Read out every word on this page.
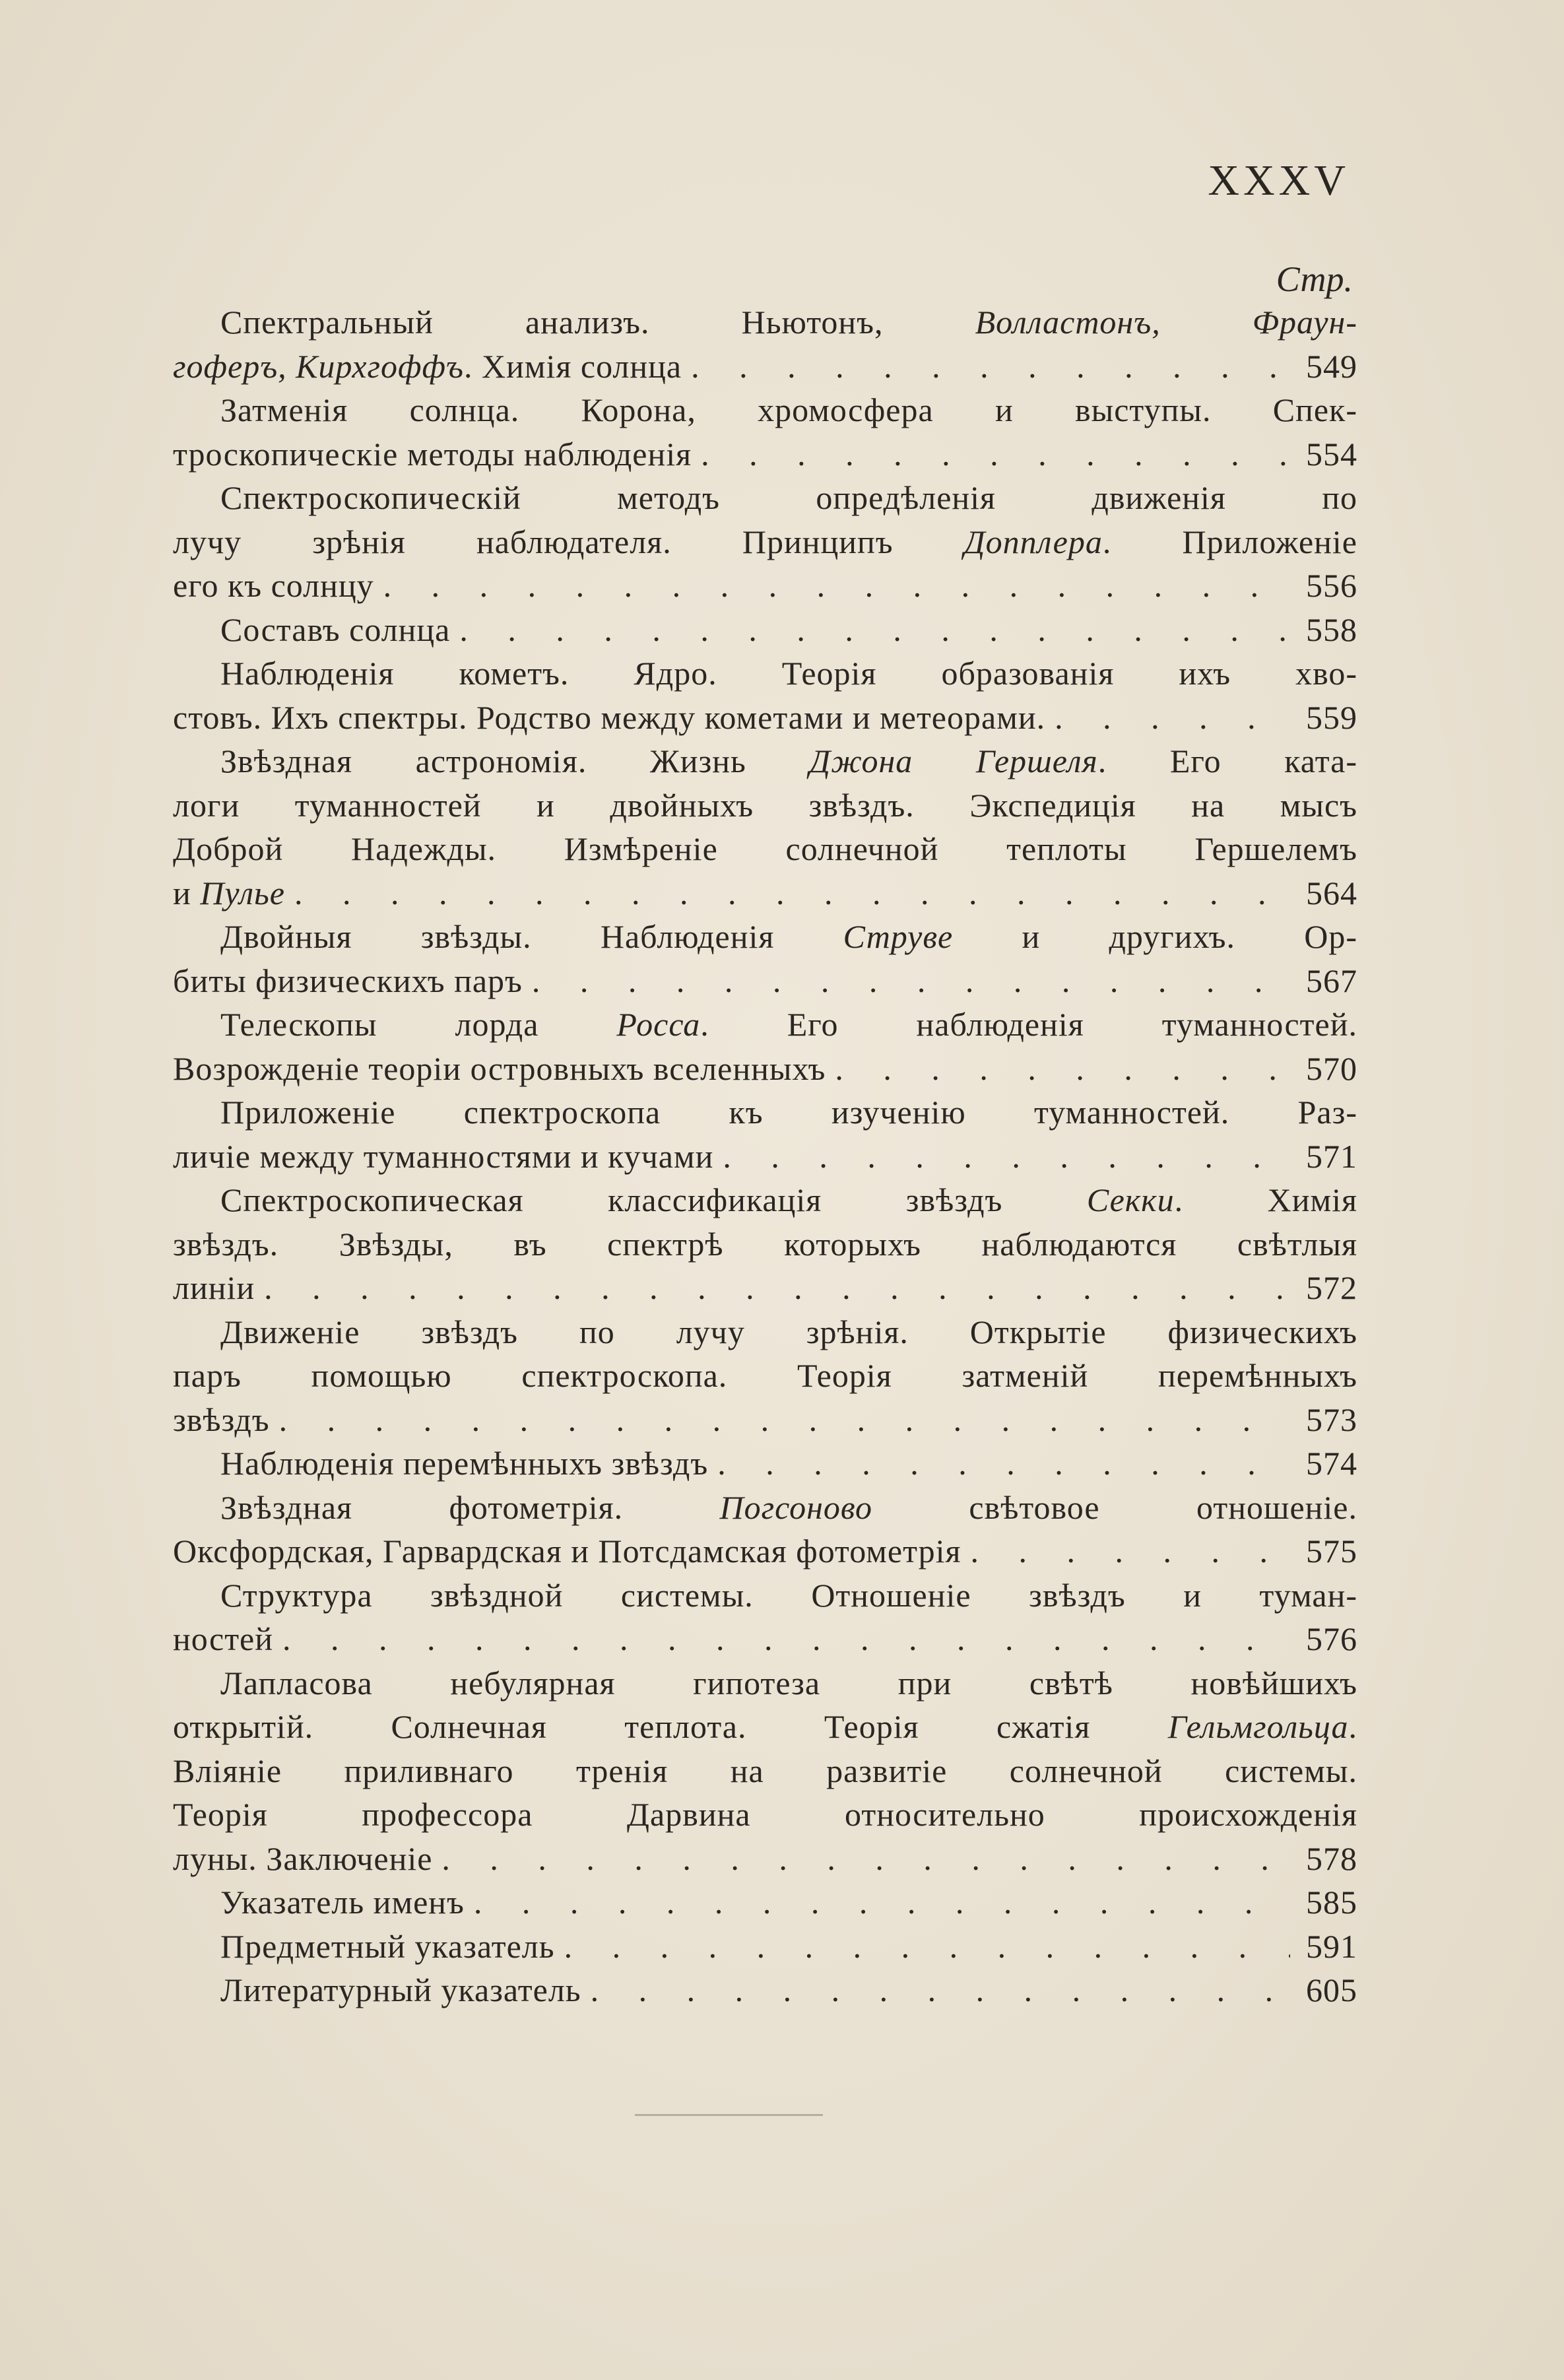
XXXV
Стр.
Спектральный анализъ. Ньютонъ, Волластонъ, Фраун-
гоферъ, Кирхгоффъ. Химія солнца . . .	549
Затменія солнца. Корона, хромосфера и выступы. Спек-
троскопическіе методы наблюденія . . .	554
Спектроскопическій методъ опредѣленія движенія по
лучу зрѣнія наблюдателя. Принципъ Допплера. Приложеніе
его къ солнцу . . .	556
Составъ солнца . . .	558
Наблюденія кометъ. Ядро. Теорія образованія ихъ хво-
стовъ. Ихъ спектры. Родство между кометами и метеорами. . . .	559
Звѣздная астрономія. Жизнь Джона Гершеля. Его ката-
логи туманностей и двойныхъ звѣздъ. Экспедиція на мысъ
Доброй Надежды. Измѣреніе солнечной теплоты Гершелемъ
и Пулье . . .	564
Двойныя звѣзды. Наблюденія Струве и другихъ. Ор-
биты физическихъ паръ . . .	567
Телескопы лорда Росса. Его наблюденія туманностей.
Возрожденіе теоріи островныхъ вселенныхъ . . .	570
Приложеніе спектроскопа къ изученію туманностей. Раз-
личіе между туманностями и кучами . . .	571
Спектроскопическая классификація звѣздъ Секки. Химія
звѣздъ. Звѣзды, въ спектрѣ которыхъ наблюдаются свѣтлыя
линіи . . .	572
Движеніе звѣздъ по лучу зрѣнія. Открытіе физическихъ
паръ помощью спектроскопа. Теорія затменій перемѣнныхъ
звѣздъ . . .	573
Наблюденія перемѣнныхъ звѣздъ . . .	574
Звѣздная фотометрія. Погсоново свѣтовое отношеніе.
Оксфордская, Гарвардская и Потсдамская фотометрія . . .	575
Структура звѣздной системы. Отношеніе звѣздъ и туман-
ностей . . .	576
Лапласова небулярная гипотеза при свѣтѣ новѣйшихъ
открытій. Солнечная теплота. Теорія сжатія Гельмгольца.
Вліяніе приливнаго тренія на развитіе солнечной системы.
Теорія профессора Дарвина относительно происхожденія
луны. Заключеніе . . .	578
Указатель именъ . . .	585
Предметный указатель . . .	591
Литературный указатель . . .	605
